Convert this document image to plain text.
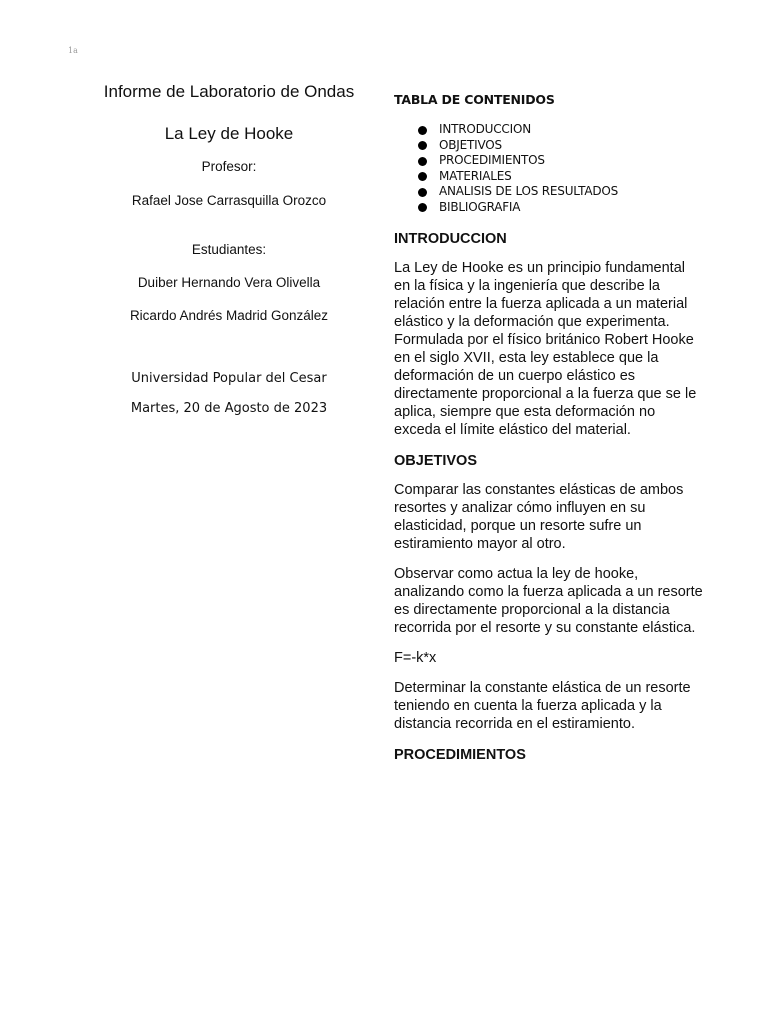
1a
Informe de Laboratorio de Ondas
La Ley de Hooke

Profesor:

Rafael Jose Carrasquilla Orozco

Estudiantes:

Duiber Hernando Vera Olivella

Ricardo Andrés Madrid González

Universidad Popular del Cesar

Martes, 20 de Agosto de 2023

TABLA DE CONTENIDOS
INTRODUCCION
OBJETIVOS
PROCEDIMIENTOS
MATERIALES
ANALISIS DE LOS RESULTADOS
BIBLIOGRAFIA
INTRODUCCION

La Ley de Hooke es un principio fundamental en la física y la ingeniería que describe la relación entre la fuerza aplicada a un material elástico y la deformación que experimenta. Formulada por el físico británico Robert Hooke en el siglo XVII, esta ley establece que la deformación de un cuerpo elástico es directamente proporcional a la fuerza que se le aplica, siempre que esta deformación no exceda el límite elástico del material.

OBJETIVOS

Comparar las constantes elásticas de ambos resortes y analizar cómo influyen en su elasticidad, porque un resorte sufre un estiramiento mayor al otro.

Observar como actua la ley de hooke, analizando como la fuerza aplicada a un resorte es directamente proporcional a la distancia recorrida por el resorte y su constante elástica.

F=-k*x

Determinar la constante elástica de un resorte teniendo en cuenta la fuerza aplicada y la distancia recorrida en el estiramiento.

PROCEDIMIENTOS
